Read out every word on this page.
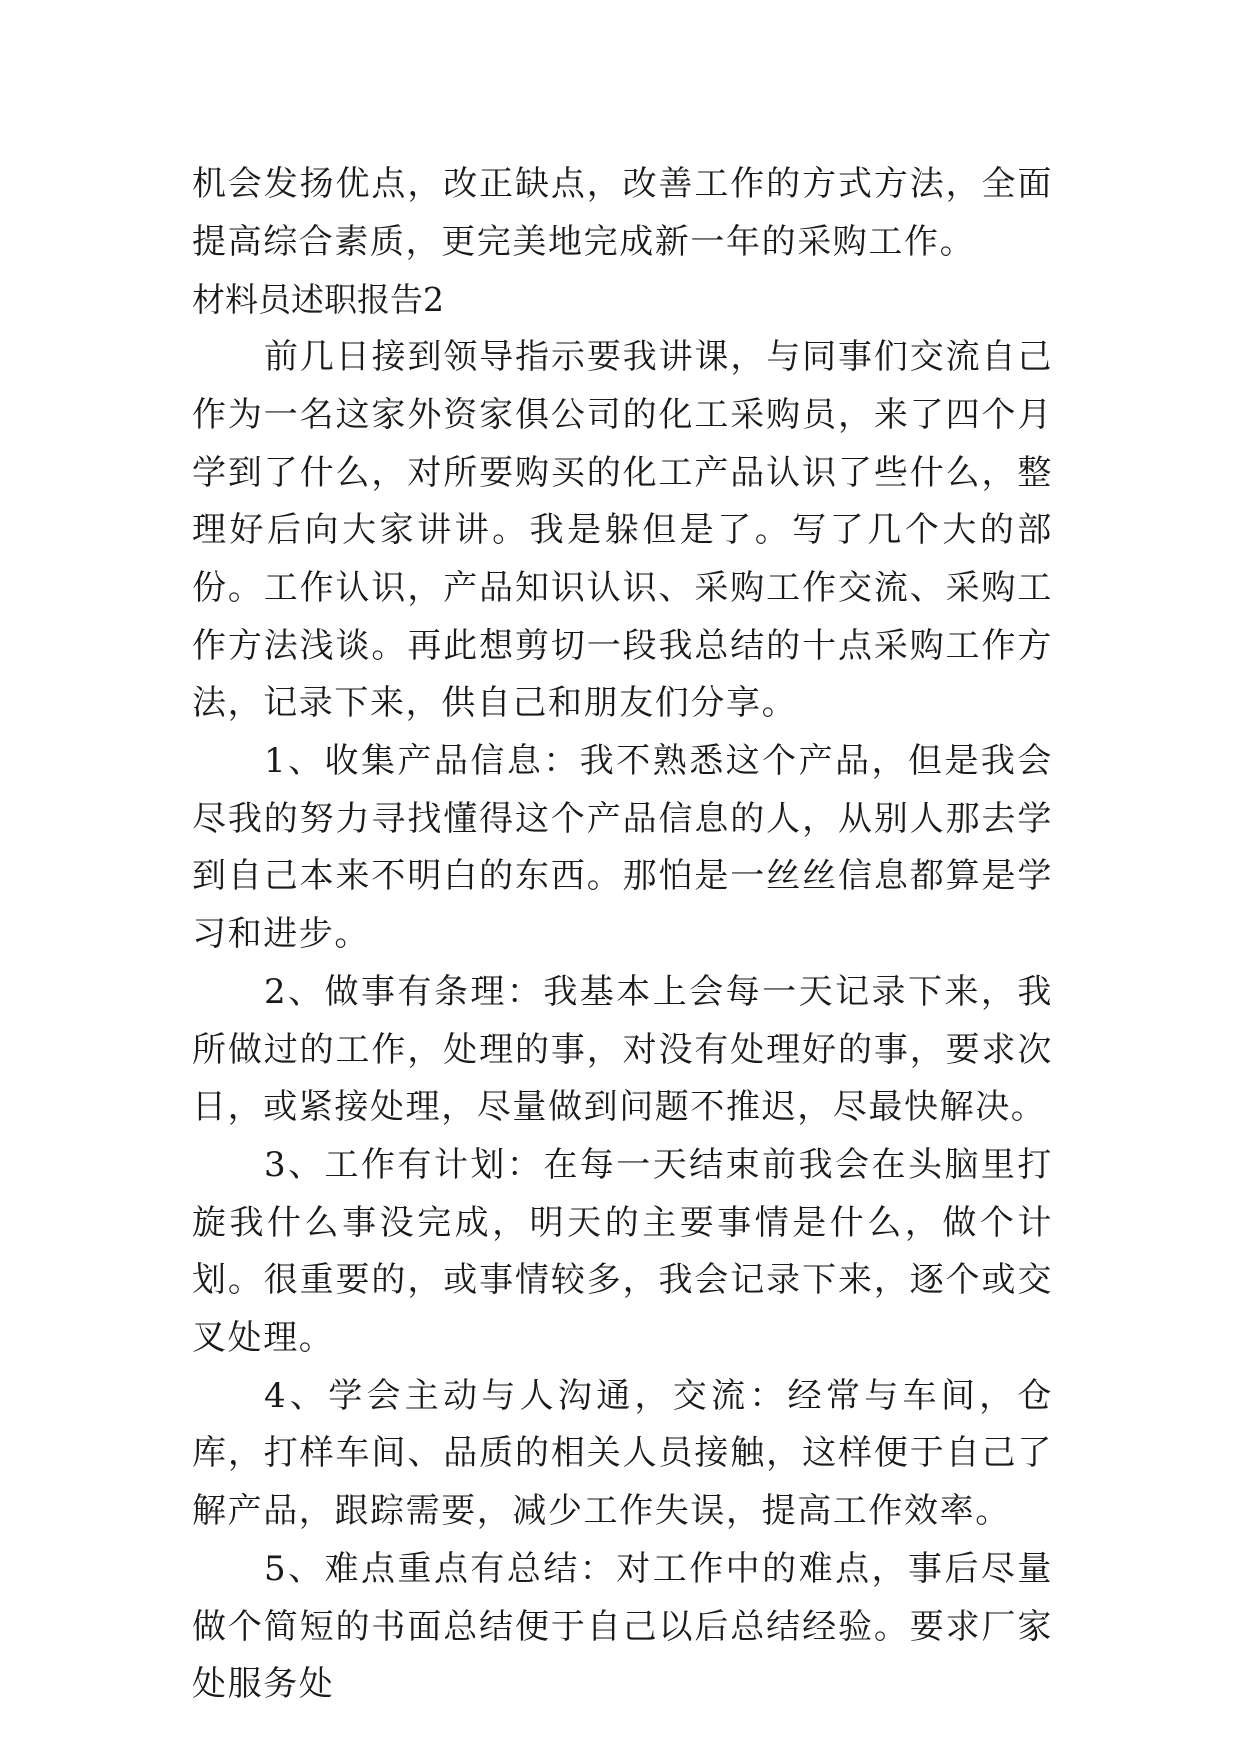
机会发扬优点，改正缺点，改善工作的方式方法，全面提高综合素质，更完美地完成新一年的采购工作。

材料员述职报告2

前几日接到领导指示要我讲课，与同事们交流自己作为一名这家外资家俱公司的化工采购员，来了四个月学到了什么，对所要购买的化工产品认识了些什么，整理好后向大家讲讲。我是躲但是了。写了几个大的部份。工作认识，产品知识认识、采购工作交流、采购工作方法浅谈。再此想剪切一段我总结的十点采购工作方法，记录下来，供自己和朋友们分享。

1、收集产品信息：我不熟悉这个产品，但是我会尽我的努力寻找懂得这个产品信息的人，从别人那去学到自己本来不明白的东西。那怕是一丝丝信息都算是学习和进步。

2、做事有条理：我基本上会每一天记录下来，我所做过的工作，处理的事，对没有处理好的事，要求次日，或紧接处理，尽量做到问题不推迟，尽最快解决。

3、工作有计划：在每一天结束前我会在头脑里打旋我什么事没完成，明天的主要事情是什么，做个计划。很重要的，或事情较多，我会记录下来，逐个或交叉处理。

4、学会主动与人沟通，交流：经常与车间，仓库，打样车间、品质的相关人员接触，这样便于自己了解产品，跟踪需要，减少工作失误，提高工作效率。

5、难点重点有总结：对工作中的难点，事后尽量做个简短的书面总结便于自己以后总结经验。要求厂家处服务处
